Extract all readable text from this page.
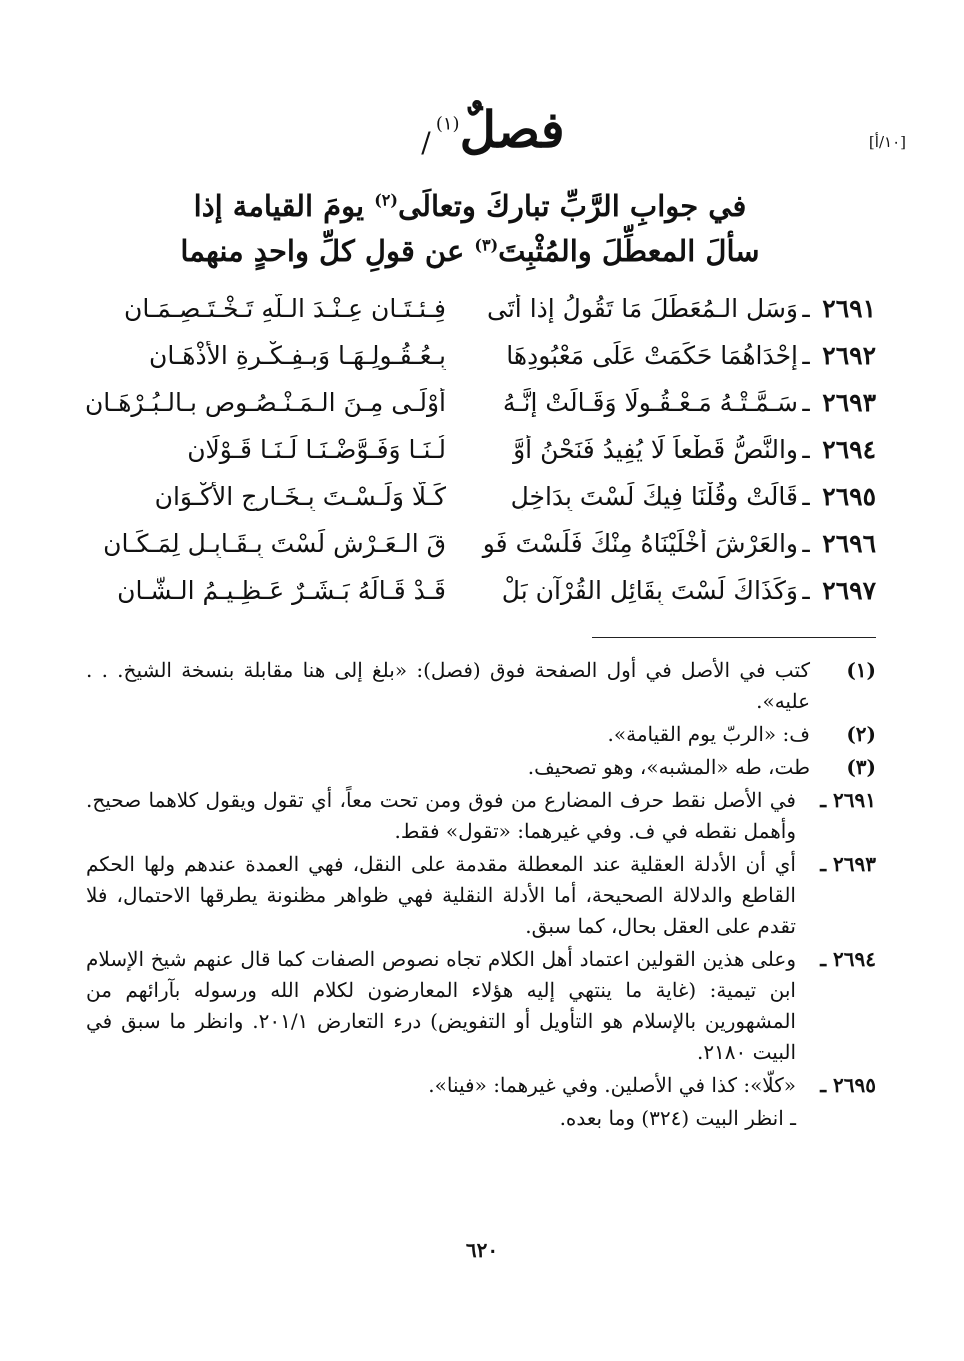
[١٠/أ]
فصلٌ$^{(١)}$ /
في جوابِ الرَّبِّ تباركَ وتعالَى$^{(٢)}$ يومَ القيامة إذا
سألَ المعطِّلَ والمُثْبِتَ$^{(٣)}$ عن قولِ كلِّ واحدٍ منهما
٢٦٩١
ـ
وَسَلِ الـمُعَطِّلَ مَا تَقُولُ إذا أتَى
فِـئـتَـانِ عِـنْـدَ الـلَّهِ تَـخْـتَـصِـمَـانِ
٢٦٩٢
ـ
إحْدَاهُمَا حَكَمَتْ عَلَى مَعْبُودِهَا
بِـعُـقُـولِـهَـا وَبِـفِـكْـرةِ الأذْهَـانِ
٢٦٩٣
ـ
سَـمَّـتْـهُ مَـعْـقُـولًا وَقَـالَتْ إنَّـهُ
أوْلَـى مِـنَ الـمَـنْـصُـوصِ بـالـبُـرْهَـانِ
٢٦٩٤
ـ
والنَّصُّ قَطْعاً لَا يُفِيدُ فَنَحْنُ أوَّ
لُـنَـا وَفَـوَّضْـنَـا لَـنَـا قَـوْلَانِ
٢٦٩٥
ـ
قَالَتْ وقُلْنَا فِيكَ لَسْتَ بِدَاخِلٍ
كَـلَّا وَلَـسْـتَ بِـخَـارِجِ الأكْـوَانِ
٢٦٩٦
ـ
والعَرْشَ أخْلَيْنَاهُ مِنْكَ فَلَسْتَ فَو
قَ الـعَـرْشِ لَسْتَ بِـقَـابِـلٍ لِمَـكَـانِ
٢٦٩٧
ـ
وَكَذَاكَ لَسْتَ بِقَائِلِ القُرْآنِ بَلْ
قَـدْ قَـالَهُ بَـشَـرٌ عَـظِـيـمُ الـشَّـانِ
(١)
كتب في الأصل في أول الصفحة فوق (فصل): «بلغ إلى هنا مقابلة بنسخة الشيخ. . . عليه».
(٢)
ف: «الربّ يوم القيامة».
(٣)
طت، طه «المشبه»، وهو تصحيف.
٢٦٩١ ـ
في الأصل نقط حرف المضارع من فوق ومن تحت معاً، أي تقول ويقول كلاهما صحيح. وأهمل نقطه في ف. وفي غيرهما: «تقول» فقط.
٢٦٩٣ ـ
أي أن الأدلة العقلية عند المعطلة مقدمة على النقل، فهي العمدة عندهم ولها الحكم القاطع والدلالة الصحيحة، أما الأدلة النقلية فهي ظواهر مظنونة يطرقها الاحتمال، فلا تقدم على العقل بحال، كما سبق.
٢٦٩٤ ـ
وعلى هذين القولين اعتماد أهل الكلام تجاه نصوص الصفات كما قال عنهم شيخ الإسلام ابن تيمية: (غاية ما ينتهي إليه هؤلاء المعارضون لكلام الله ورسوله بآرائهم من المشهورين بالإسلام هو التأويل أو التفويض) درء التعارض ٢٠١/١. وانظر ما سبق في البيت ٢١٨٠.
٢٦٩٥ ـ
«كلّا»: كذا في الأصلين. وفي غيرهما: «فينا».
ـ انظر البيت (٣٢٤) وما بعده.
٦٢٠
